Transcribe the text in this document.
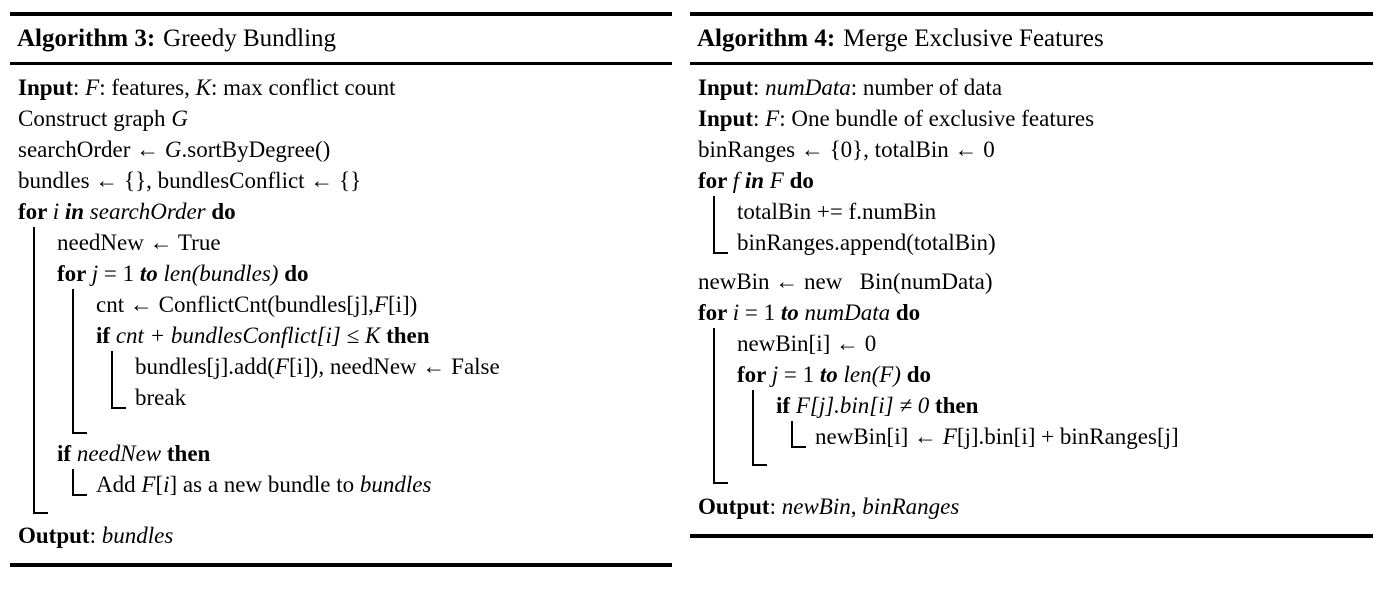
Algorithm 3: Greedy Bundling
Input: F: features, K: max conflict count
Construct graph G
searchOrder ← G.sortByDegree()
bundles ← {}, bundlesConflict ← {}
for i in searchOrder do
needNew ← True
for j = 1 to len(bundles) do
cnt ← ConflictCnt(bundles[j],F[i])
if cnt + bundlesConflict[i] ≤ K then
bundles[j].add(F[i]), needNew ← False
break
if needNew then
Add F[i] as a new bundle to bundles
Output: bundles
Algorithm 4: Merge Exclusive Features
Input: numData: number of data
Input: F: One bundle of exclusive features
binRanges ← {0}, totalBin ← 0
for f in F do
totalBin += f.numBin
binRanges.append(totalBin)
newBin ← new   Bin(numData)
for i = 1 to numData do
newBin[i] ← 0
for j = 1 to len(F) do
if F[j].bin[i] ≠ 0 then
newBin[i] ← F[j].bin[i] + binRanges[j]
Output: newBin, binRanges
